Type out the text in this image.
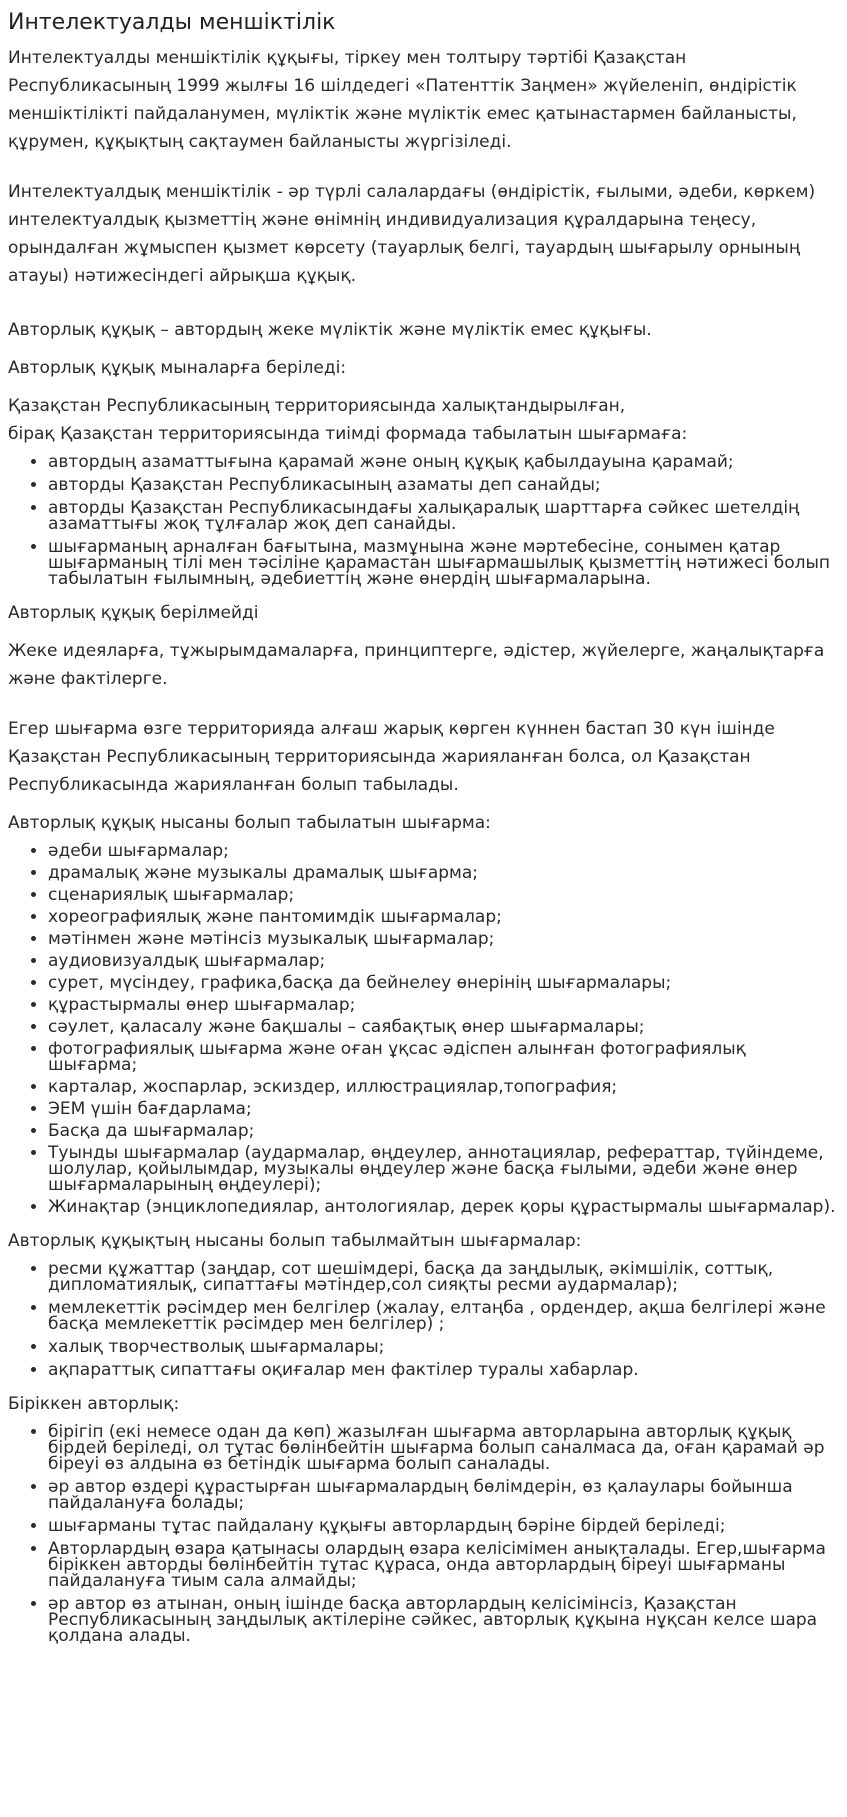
Интелектуалды меншіктілік

Интелектуалды меншіктілік құқығы, тіркеу мен толтыру тәртібі Қазақстан Республикасының 1999 жылғы 16 шілдедегі «Патенттік Заңмен» жүйеленіп, өндірістік меншіктілікті пайдаланумен, мүліктік және мүліктік емес қатынастармен байланысты, құрумен, құқықтың сақтаумен байланысты жүргізіледі.

Интелектуалдық меншіктілік - әр түрлі салалардағы (өндірістік, ғылыми, әдеби, көркем) интелектуалдық қызметтің және өнімнің индивидуализация құралдарына теңесу, орындалған жұмыспен қызмет көрсету (тауарлық белгі, тауардың шығарылу орнының атауы) нәтижесіндегі айрықша құқық.

Авторлық құқық – автордың жеке мүліктік және мүліктік емес құқығы.

Авторлық құқық мыналарға беріледі:

Қазақстан Республикасының территориясында халықтандырылған,

бірақ Қазақстан территориясында тиімді формада табылатын шығармаға:

• автордың азаматтығына қарамай және оның құқық қабылдауына қарамай;
• авторды Қазақстан Республикасының азаматы деп санайды;
• авторды Қазақстан Республикасындағы халықаралық шарттарға сәйкес шетелдің азаматтығы жоқ тұлғалар жоқ деп санайды.
• шығарманың арналған бағытына, мазмұнына және мәртебесіне, сонымен қатар шығарманың тілі мен тәсіліне қарамастан шығармашылық қызметтің нәтижесі болып табылатын ғылымның, әдебиеттің және өнердің шығармаларына.

Авторлық құқық берілмейді

Жеке идеяларға, тұжырымдамаларға, принциптерге, әдістер, жүйелерге, жаңалықтарға және фактілерге.

Егер шығарма өзге территорияда алғаш жарық көрген күннен бастап 30 күн ішінде Қазақстан Республикасының территориясында жарияланған болса, ол Қазақстан Республикасында жарияланған болып табылады.

Авторлық құқық нысаны болып табылатын шығарма:

• әдеби шығармалар;
• драмалық және музыкалы драмалық шығарма;
• сценариялық шығармалар;
• хореографиялық және пантомимдік шығармалар;
• мәтінмен және мәтінсіз музыкалық шығармалар;
• аудиовизуалдық шығармалар;
• сурет, мүсіндеу, графика,басқа да бейнелеу өнерінің шығармалары;
• құрастырмалы өнер шығармалар;
• сәулет, қаласалу және бақшалы – саябақтық өнер шығармалары;
• фотографиялық шығарма және оған ұқсас әдіспен алынған фотографиялық шығарма;
• карталар, жоспарлар, эскиздер, иллюстрациялар,топография;
• ЭЕМ үшін бағдарлама;
• Басқа да шығармалар;
• Туынды шығармалар (аудармалар, өңдеулер, аннотациялар, рефераттар, түйіндеме, шолулар, қойылымдар, музыкалы өңдеулер және басқа ғылыми, әдеби және өнер шығармаларының өңдеулері);
• Жинақтар (энциклопедиялар, антологиялар, дерек қоры құрастырмалы шығармалар).

Авторлық құқықтың нысаны болып табылмайтын шығармалар:

• ресми құжаттар (заңдар, сот шешімдері, басқа да заңдылық, әкімшілік, соттық, дипломатиялық, сипаттағы мәтіндер,сол сияқты ресми аудармалар);
• мемлекеттік рәсімдер мен белгілер (жалау, елтаңба , ордендер, ақша белгілері және басқа мемлекеттік рәсімдер мен белгілер) ;
• халық творчестволық шығармалары;
• ақпараттық сипаттағы оқиғалар мен фактілер туралы хабарлар.

Біріккен авторлық:

• бірігіп (екі немесе одан да көп) жазылған шығарма авторларына авторлық құқық бірдей беріледі, ол тұтас бөлінбейтін шығарма болып саналмаса да, оған қарамай әр біреуі өз алдына өз бетіндік шығарма болып саналады.
• әр автор өздері құрастырған шығармалардың бөлімдерін, өз қалаулары бойынша пайдалануға болады;
• шығарманы тұтас пайдалану құқығы авторлардың бәріне бірдей беріледі;
• Авторлардың өзара қатынасы олардың өзара келісімімен анықталады. Егер,шығарма біріккен авторды бөлінбейтін тұтас құраса, онда авторлардың біреуі шығарманы пайдалануға тиым сала алмайды;
• әр автор өз атынан, оның ішінде басқа авторлардың келісімінсіз, Қазақстан Республикасының заңдылық актілеріне сәйкес, авторлық құқына нұқсан келсе шара қолдана алады.
